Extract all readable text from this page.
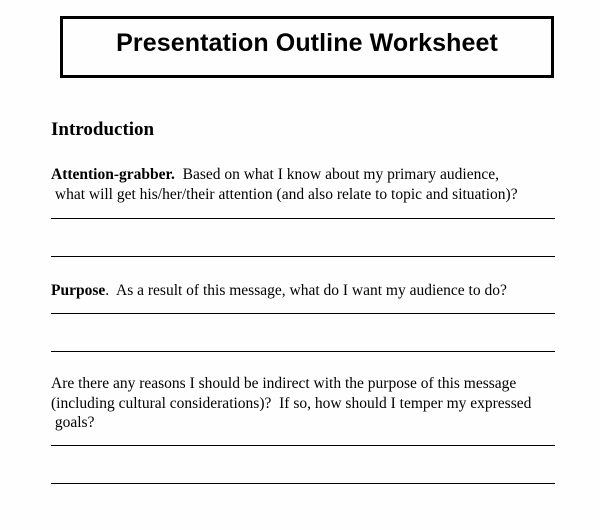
Presentation Outline Worksheet
Introduction
Attention-grabber.  Based on what I know about my primary audience,
what will get his/her/their attention (and also relate to topic and situation)?
Purpose.  As a result of this message, what do I want my audience to do?
Are there any reasons I should be indirect with the purpose of this message
(including cultural considerations)?  If so, how should I temper my expressed
goals?
